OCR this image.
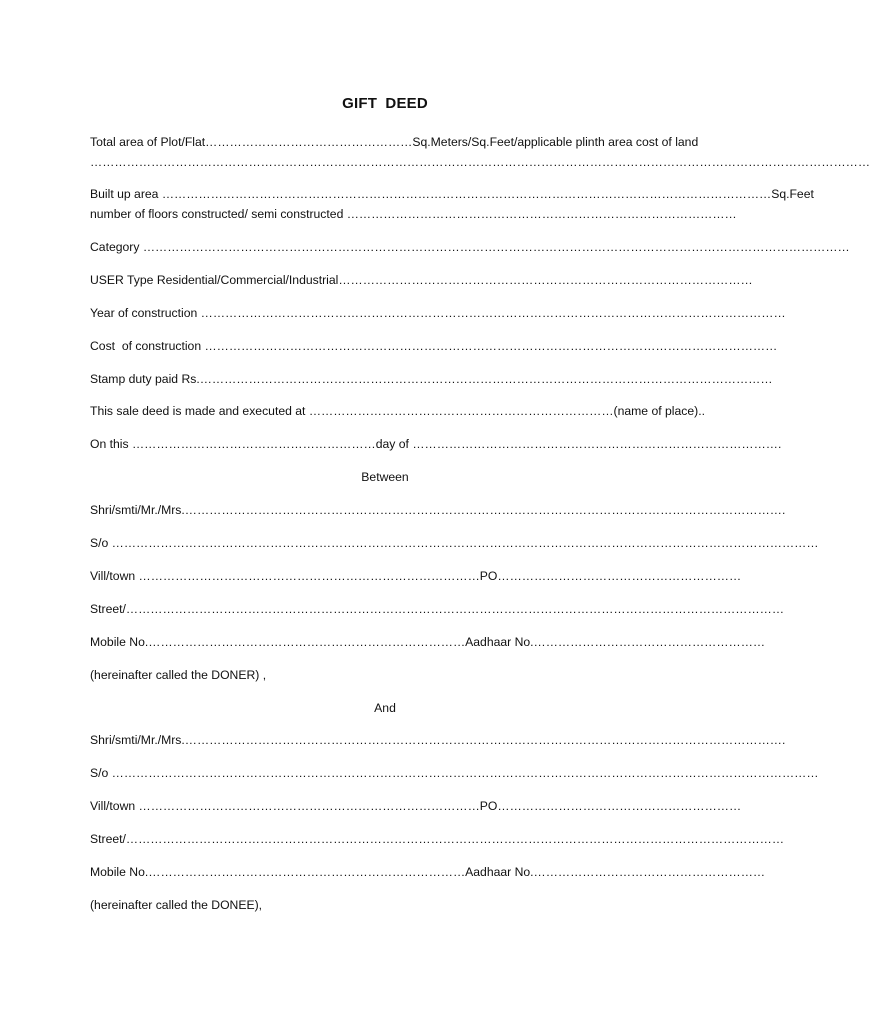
GIFT DEED
Total area of Plot/Flat……………………………………………Sq.Meters/Sq.Feet/applicable plinth area cost of land
…………………………………………………………………………………………………………………………………………………………………………
Built up area ……………………………………………………………………………………………………………………………………Sq.Feet
number of floors constructed/ semi constructed ……………………………………………………………………………………
Category …………………………………………………………………………………………………………………………………………………………
USER Type Residential/Commercial/Industrial…………………………………………………………………………………………
Year of construction ………………………………………………………………………………………………………………………………
Cost  of construction ……………………………………………………………………………………………………………………………
Stamp duty paid Rs.……………………………………………………………………………………………………………………………
This sale deed is made and executed at …………………………………………………………………(name of place)..
On this ……………………………………………………day of ……………………………………………………………………………….
Between
Shri/smti/Mr./Mrs.………………………………………………………………………………………………………………………………….
S/o …………………………………………………………………………………………………………………………………………………………
Vill/town …………………………………………………………………………PO……………………………………………………
Street/………………………………………………………………………………………………………………………………………………
Mobile No.……………………………………………………………………Aadhaar No.…………………………………………………
(hereinafter called the DONER) ,
And
Shri/smti/Mr./Mrs.………………………………………………………………………………………………………………………………….
S/o …………………………………………………………………………………………………………………………………………………………
Vill/town …………………………………………………………………………PO……………………………………………………
Street/………………………………………………………………………………………………………………………………………………
Mobile No.……………………………………………………………………Aadhaar No.…………………………………………………
(hereinafter called the DONEE),
